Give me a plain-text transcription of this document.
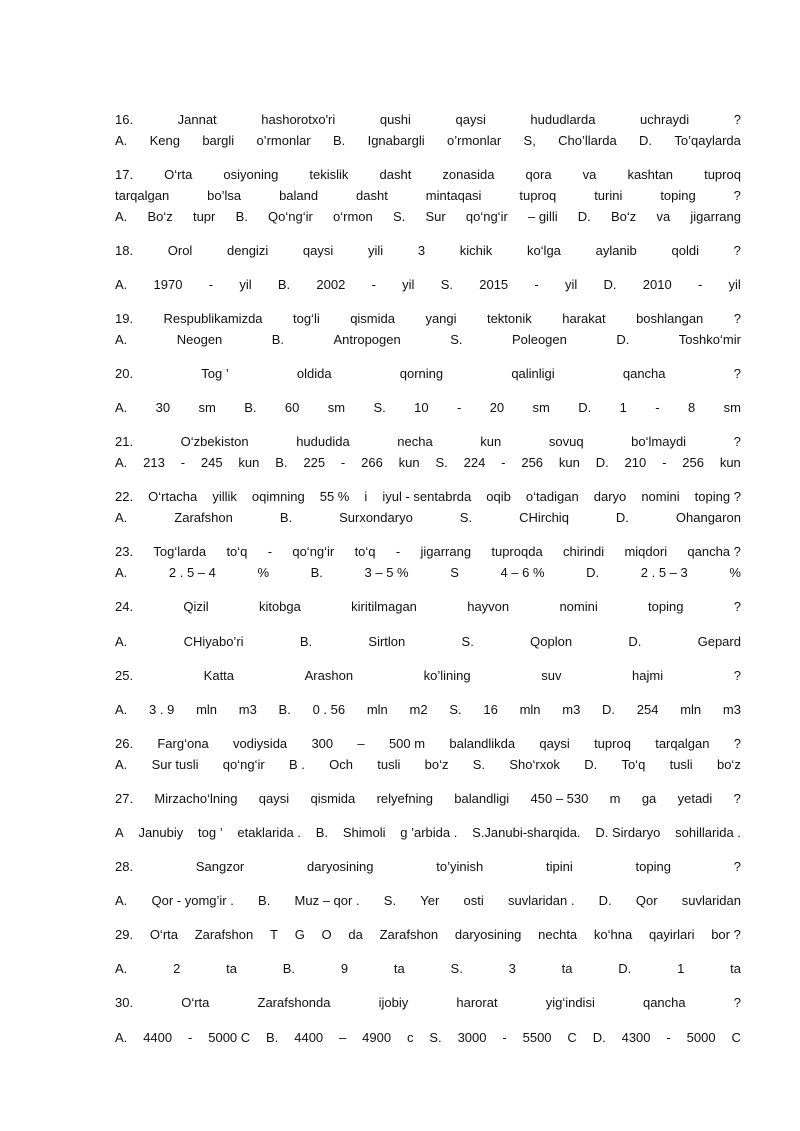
16.	Jannat	hashorotxo'ri	qushi	qaysi	hududlarda	uchraydi	?
A. Keng bargli o’rmonlar B. Ignabargli o’rmonlar S, Cho’llarda D. To’qaylarda
17. O‘rta osiyoning tekislik dasht zonasida qora va kashtan tuproq
tarqalgan	bo’lsa	baland	dasht	mintaqasi	tuproq	turini	toping	?
A. Bo‘z tupr B. Qo‘ng‘ir o‘rmon S. Sur qo‘ng‘ir – gilli D. Bo‘z va jigarrang
18.	Orol	dengizi	qaysi	yili	3	kichik	ko‘lga	aylanib	qoldi	?
A. 1970 - yil B. 2002 - yil S. 2015 - yil D. 2010 - yil
19. Respublikamizda tog‘li qismida yangi tektonik harakat boshlangan ?
A.	Neogen	B.	Antropogen	S.	Poleogen	D.	Toshko‘mir
20.	Tog ’	oldida	qorning	qalinligi	qancha	?
A. 30 sm B. 60 sm S. 10 - 20 sm D. 1 - 8 sm
21.	O‘zbekiston	hududida	necha	kun	sovuq	bo‘lmaydi	?
A. 213 - 245 kun B. 225 - 266 kun S. 224 - 256 kun D. 210 - 256 kun
22. O‘rtacha yillik oqimning 55 % i iyul - sentabrda oqib o‘tadigan daryo nomini toping ?
A.	Zarafshon	B.	Surxondaryo	S.	CHirchiq	D.	Ohangaron
23. Tog‘larda to‘q - qo‘ng‘ir to‘q - jigarrang tuproqda chirindi miqdori qancha ?
A.	2 . 5 – 4	%	B.	3 – 5 %	S	4 – 6 %	D.	2 . 5 – 3	%
24.	Qizil	kitobga	kiritilmagan	hayvon	nomini	toping	?
A.	CHiyabo’ri	B.	Sirtlon	S.	Qoplon	D.	Gepard
25.	Katta	Arashon	ko’lining	suv	hajmi	?
A. 3 . 9 mln m3 B. 0 . 56 mln m2 S. 16 mln m3 D. 254 mln m3
26. Farg‘ona vodiysida 300 – 500 m balandlikda qaysi tuproq tarqalgan ?
A. Sur tusli qo‘ng‘ir B . Och tusli bo‘z S. Sho‘rxok D. To‘q tusli bo‘z
27. Mirzacho‘lning qaysi qismida relyefning balandligi 450 – 530 m ga yetadi ?
A Janubiy tog ’ etaklarida . B. Shimoli g ’arbida . S.Janubi-sharqida. D. Sirdaryo sohillarida .
28.	Sangzor	daryosining	to’yinish	tipini	toping	?
A. Qor - yomg’ir . B. Muz – qor . S. Yer osti suvlaridan . D. Qor suvlaridan
29. O‘rta Zarafshon T G O da Zarafshon daryosining nechta ko‘hna qayirlari bor ?
A.	2	ta	B.	9	ta	S.	3	ta	D.	1	ta
30.	O‘rta	Zarafshonda	ijobiy	harorat	yig‘indisi	qancha	?
A. 4400 - 5000 C B. 4400 – 4900 c S. 3000 - 5500 C D. 4300 - 5000 C
